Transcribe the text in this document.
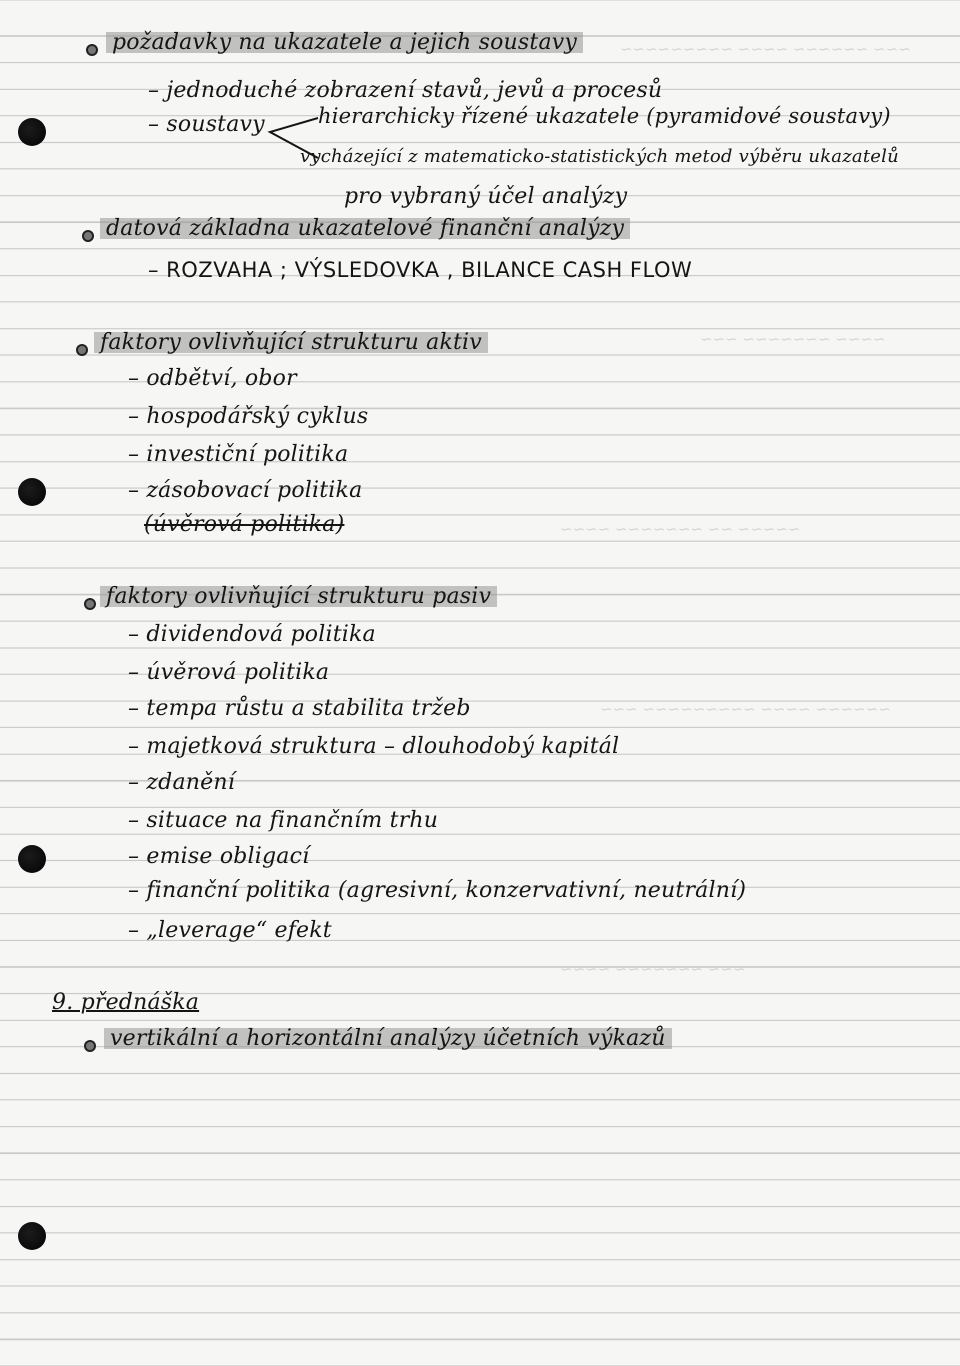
~~~ ~~~~~~ ~~~~ ~~~~~~~~~
~~~~ ~~~~~~~ ~~~
~~~~~ ~~ ~~~~~~~ ~~~~
~~~~~~ ~~~~ ~~~~~~~~~ ~~~
~~~ ~~~~~~~ ~~~~
požadavky na ukazatele a jejich soustavy
– jednoduché zobrazení stavů, jevů a procesů
– soustavy	hierarchicky řízené ukazatele (pyramidové soustavy)
vycházející z matematicko-statistických metod výběru ukazatelů
pro vybraný účel analýzy
datová základna ukazatelové finanční analýzy
– ROZVAHA ; VÝSLEDOVKA , BILANCE CASH FLOW
faktory ovlivňující strukturu aktiv
– odbětví, obor
– hospodářský cyklus
– investiční politika
– zásobovací politika
(úvěrová politika)
faktory ovlivňující strukturu pasiv
– dividendová politika
– úvěrová politika
– tempa růstu a stabilita tržeb
– majetková struktura – dlouhodobý kapitál
– zdanění
– situace na finančním trhu
– emise obligací
– finanční politika (agresivní, konzervativní, neutrální)
– „leverage“ efekt
9. přednáška
vertikální a horizontální analýzy účetních výkazů
